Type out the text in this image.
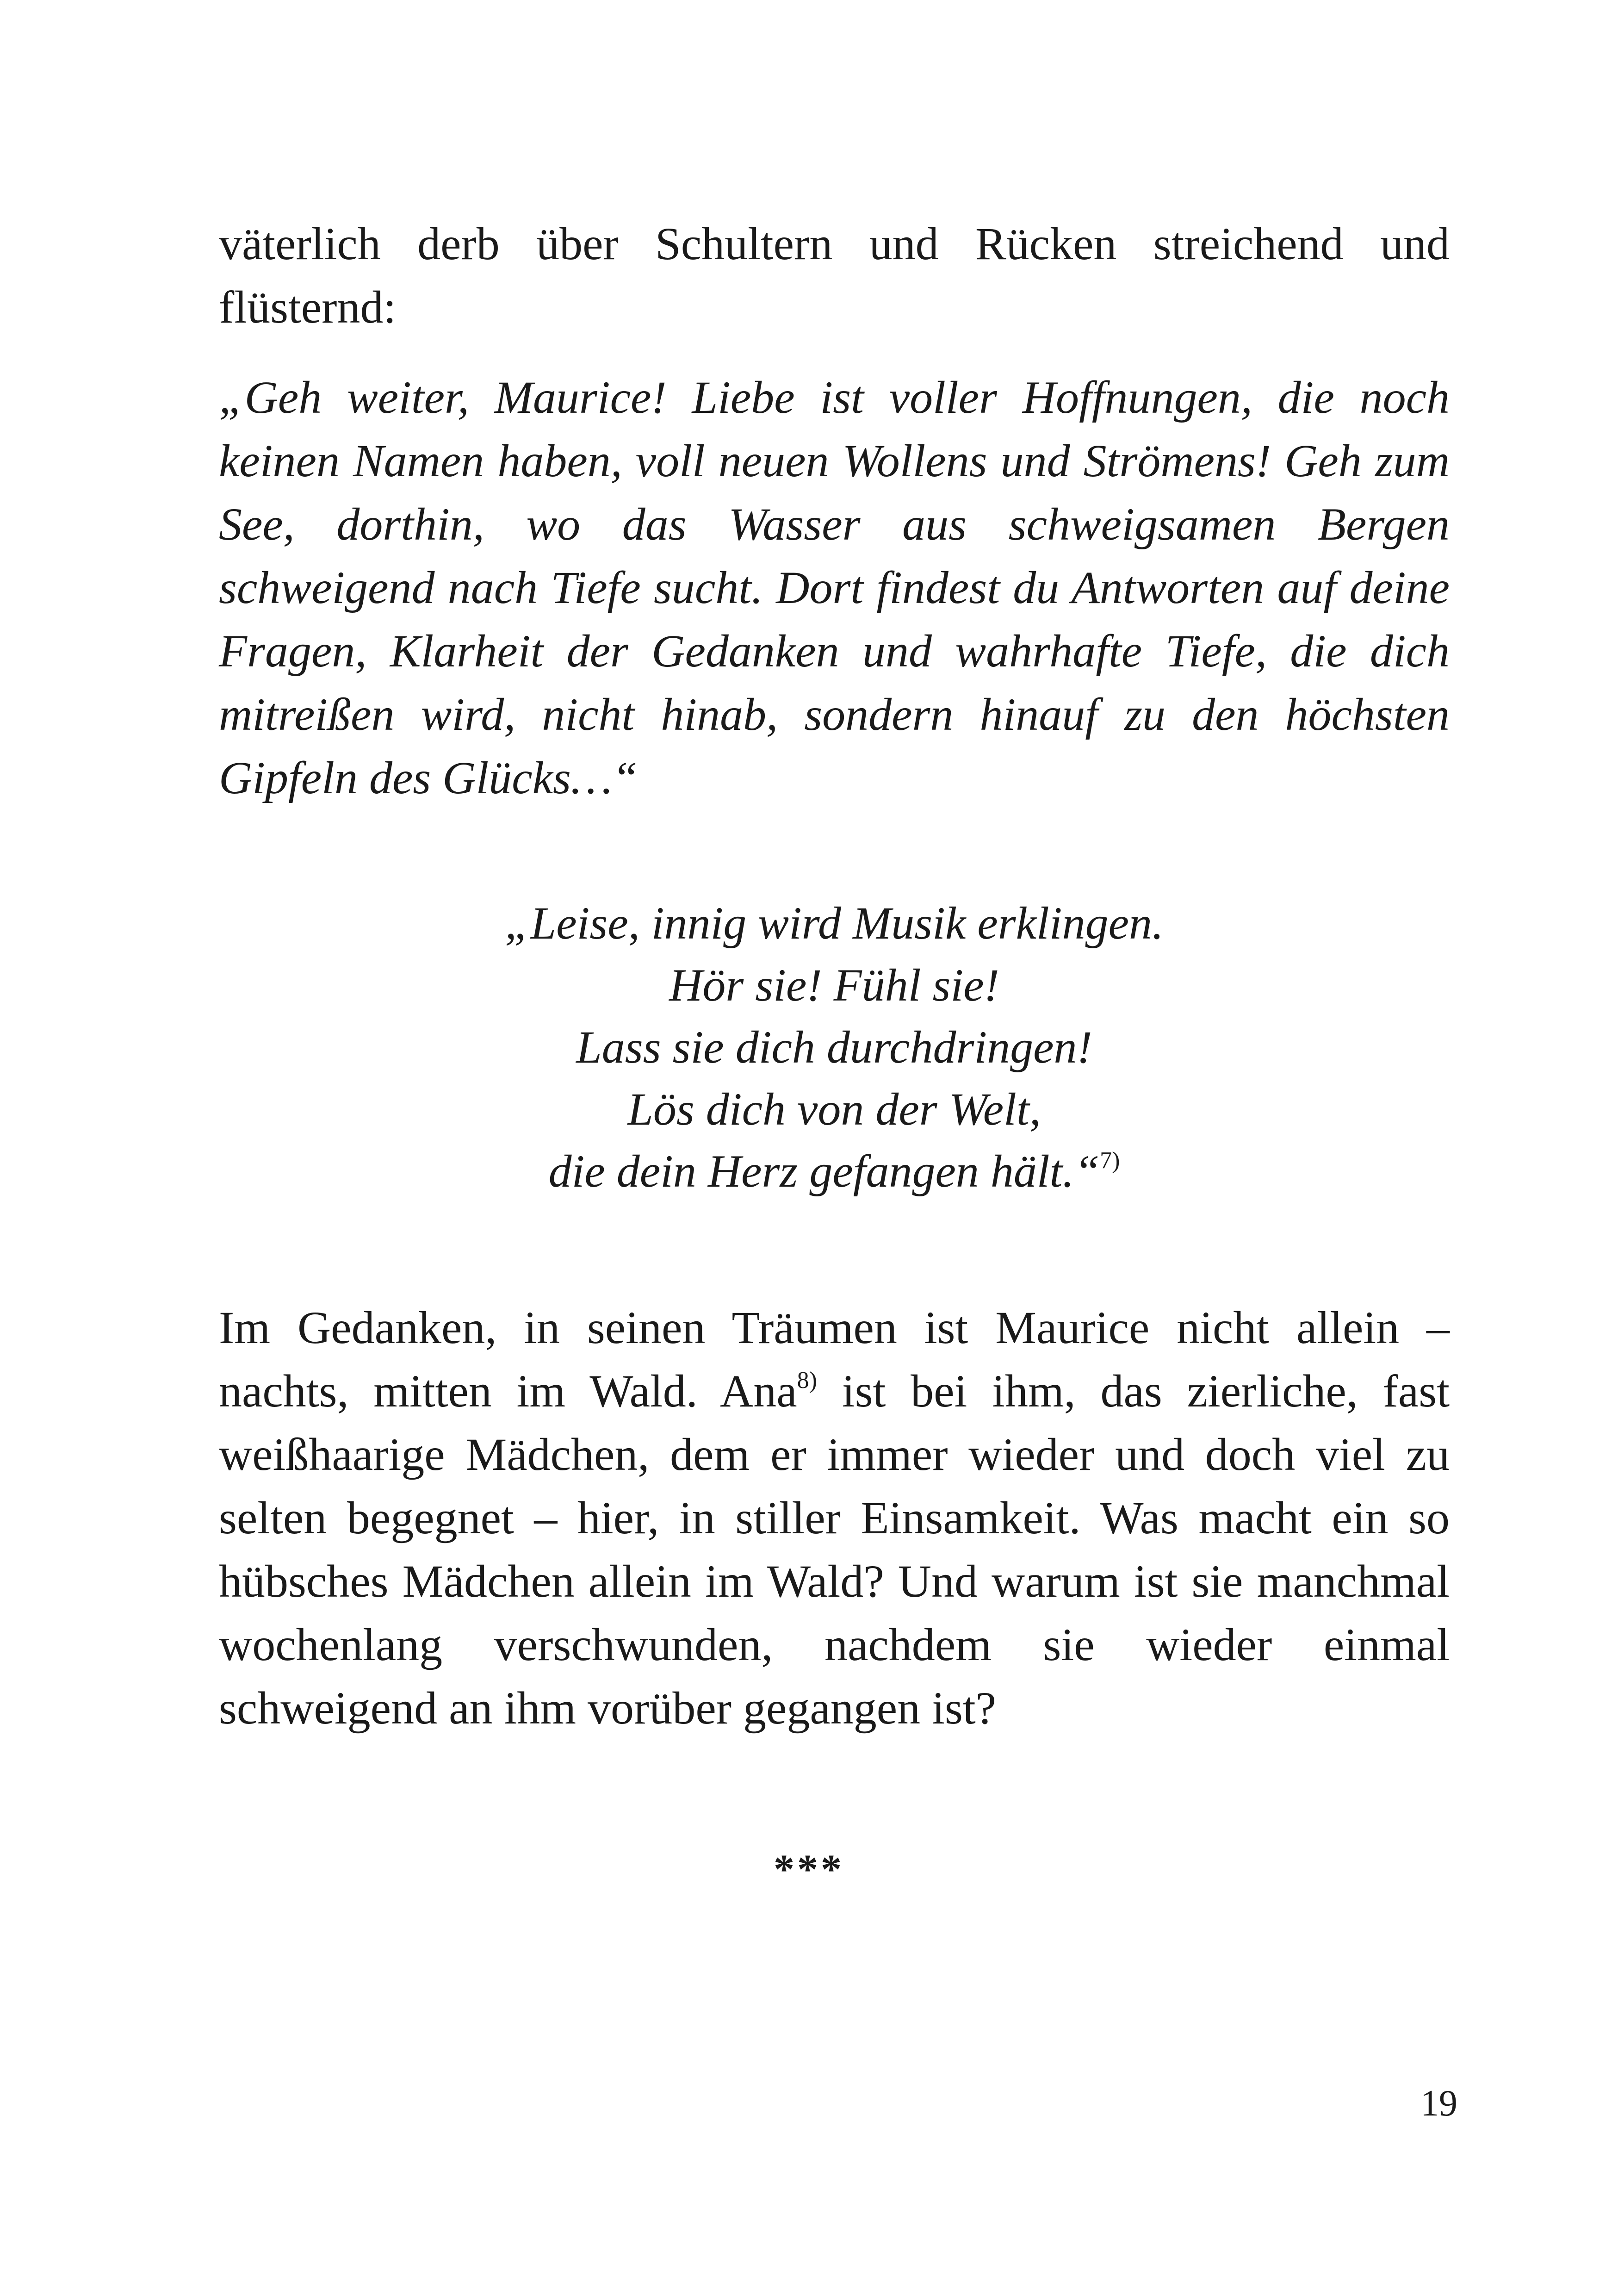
väterlich derb über Schultern und Rücken streichend und flüsternd:

„Geh weiter, Maurice! Liebe ist voller Hoffnungen, die noch keinen Namen haben, voll neuen Wollens und Strömens! Geh zum See, dorthin, wo das Wasser aus schweigsamen Bergen schweigend nach Tiefe sucht. Dort findest du Antworten auf deine Fragen, Klarheit der Gedanken und wahrhafte Tiefe, die dich mitreißen wird, nicht hinab, sondern hinauf zu den höchsten Gipfeln des Glücks…“

„Leise, innig wird Musik erklingen.
Hör sie! Fühl sie!
Lass sie dich durchdringen!
Lös dich von der Welt,
die dein Herz gefangen hält.“$^{7)}$

Im Gedanken, in seinen Träumen ist Maurice nicht allein – nachts, mitten im Wald. Ana$^{8)}$ ist bei ihm, das zierliche, fast weißhaarige Mädchen, dem er immer wieder und doch viel zu selten begegnet – hier, in stiller Einsamkeit. Was macht ein so hübsches Mädchen allein im Wald? Und warum ist sie manchmal wochenlang verschwunden, nachdem sie wieder einmal schweigend an ihm vorüber gegangen ist?

***
19
